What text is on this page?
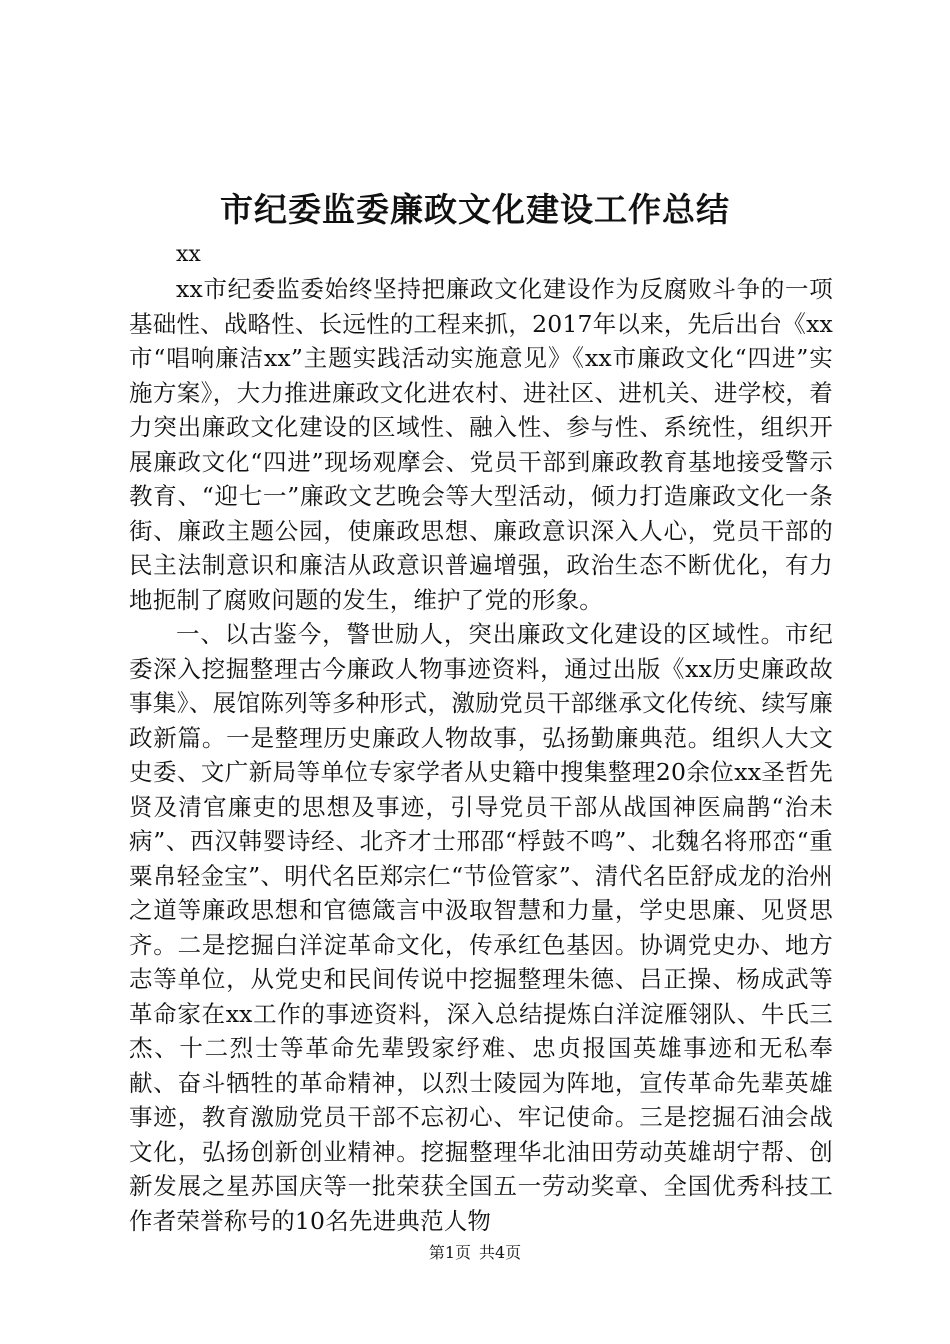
市纪委监委廉政文化建设工作总结
xx

xx市纪委监委始终坚持把廉政文化建设作为反腐败斗争的一项基础性、战略性、长远性的工程来抓，2017年以来，先后出台《xx市“唱响廉洁xx”主题实践活动实施意见》《xx市廉政文化“四进”实施方案》，大力推进廉政文化进农村、进社区、进机关、进学校，着力突出廉政文化建设的区域性、融入性、参与性、系统性，组织开展廉政文化“四进”现场观摩会、党员干部到廉政教育基地接受警示教育、“迎七一”廉政文艺晚会等大型活动，倾力打造廉政文化一条街、廉政主题公园，使廉政思想、廉政意识深入人心，党员干部的民主法制意识和廉洁从政意识普遍增强，政治生态不断优化，有力地扼制了腐败问题的发生，维护了党的形象。

一、以古鉴今，警世励人，突出廉政文化建设的区域性。市纪委深入挖掘整理古今廉政人物事迹资料，通过出版《xx历史廉政故事集》、展馆陈列等多种形式，激励党员干部继承文化传统、续写廉政新篇。一是整理历史廉政人物故事，弘扬勤廉典范。组织人大文史委、文广新局等单位专家学者从史籍中搜集整理20余位xx圣哲先贤及清官廉吏的思想及事迹，引导党员干部从战国神医扁鹊“治未病”、西汉韩婴诗经、北齐才士邢邵“桴鼓不鸣”、北魏名将邢峦“重粟帛轻金宝”、明代名臣郑宗仁“节俭管家”、清代名臣舒成龙的治州之道等廉政思想和官德箴言中汲取智慧和力量，学史思廉、见贤思齐。二是挖掘白洋淀革命文化，传承红色基因。协调党史办、地方志等单位，从党史和民间传说中挖掘整理朱德、吕正操、杨成武等革命家在xx工作的事迹资料，深入总结提炼白洋淀雁翎队、牛氏三杰、十二烈士等革命先辈毁家纾难、忠贞报国英雄事迹和无私奉献、奋斗牺牲的革命精神，以烈士陵园为阵地，宣传革命先辈英雄事迹，教育激励党员干部不忘初心、牢记使命。三是挖掘石油会战文化，弘扬创新创业精神。挖掘整理华北油田劳动英雄胡宁帮、创新发展之星苏国庆等一批荣获全国五一劳动奖章、全国优秀科技工作者荣誉称号的10名先进典范人物

第1页 共4页
